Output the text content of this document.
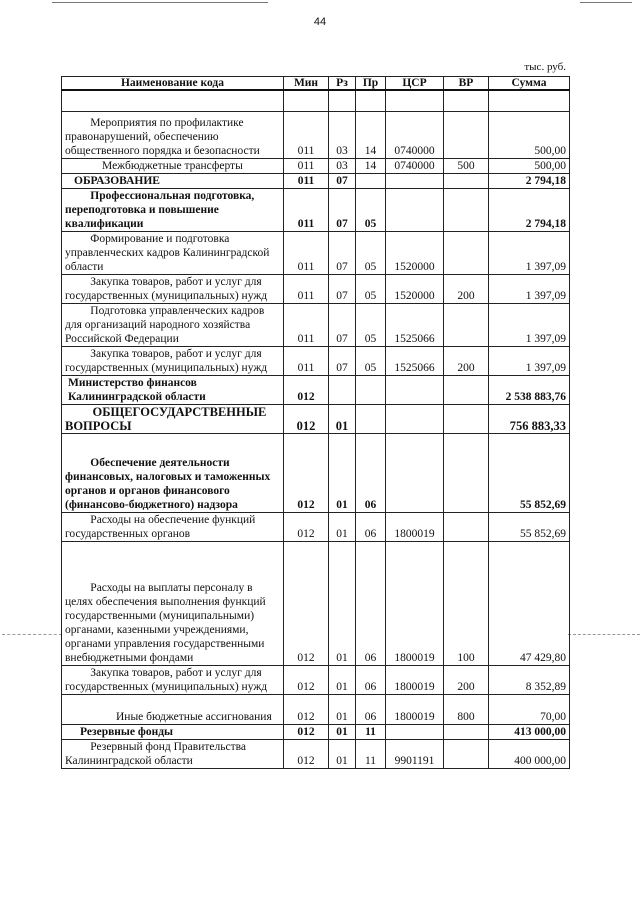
44
тыс. руб.
Наименование кода	Мин	Рз	Пр	ЦСР	ВР	Сумма

Мероприятия по профилактике правонарушений, обеспечению общественного порядка и безопасности	011	03	14	0740000		500,00
Межбюджетные трансферты	011	03	14	0740000	500	500,00
ОБРАЗОВАНИЕ	011	07				2 794,18
Профессиональная подготовка, переподготовка и повышение квалификации	011	07	05			2 794,18
Формирование и подготовка управленческих кадров Калининградской области	011	07	05	1520000		1 397,09
Закупка товаров, работ и услуг для государственных (муниципальных) нужд	011	07	05	1520000	200	1 397,09
Подготовка управленческих кадров для организаций народного хозяйства Российской Федерации	011	07	05	1525066		1 397,09
Закупка товаров, работ и услуг для государственных (муниципальных) нужд	011	07	05	1525066	200	1 397,09
Министерство финансов Калининградской области	012					2 538 883,76
ОБЩЕГОСУДАРСТВЕННЫЕ ВОПРОСЫ	012	01				756 883,33
Обеспечение деятельности финансовых, налоговых и таможенных органов и органов финансового (финансово-бюджетного) надзора	012	01	06			55 852,69
Расходы на обеспечение функций государственных органов	012	01	06	1800019		55 852,69
Расходы на выплаты персоналу в целях обеспечения выполнения функций государственными (муниципальными) органами, казенными учреждениями, органами управления государственными внебюджетными фондами	012	01	06	1800019	100	47 429,80
Закупка товаров, работ и услуг для государственных (муниципальных) нужд	012	01	06	1800019	200	8 352,89
Иные бюджетные ассигнования	012	01	06	1800019	800	70,00
Резервные фонды	012	01	11			413 000,00
Резервный фонд Правительства Калининградской области	012	01	11	9901191		400 000,00
